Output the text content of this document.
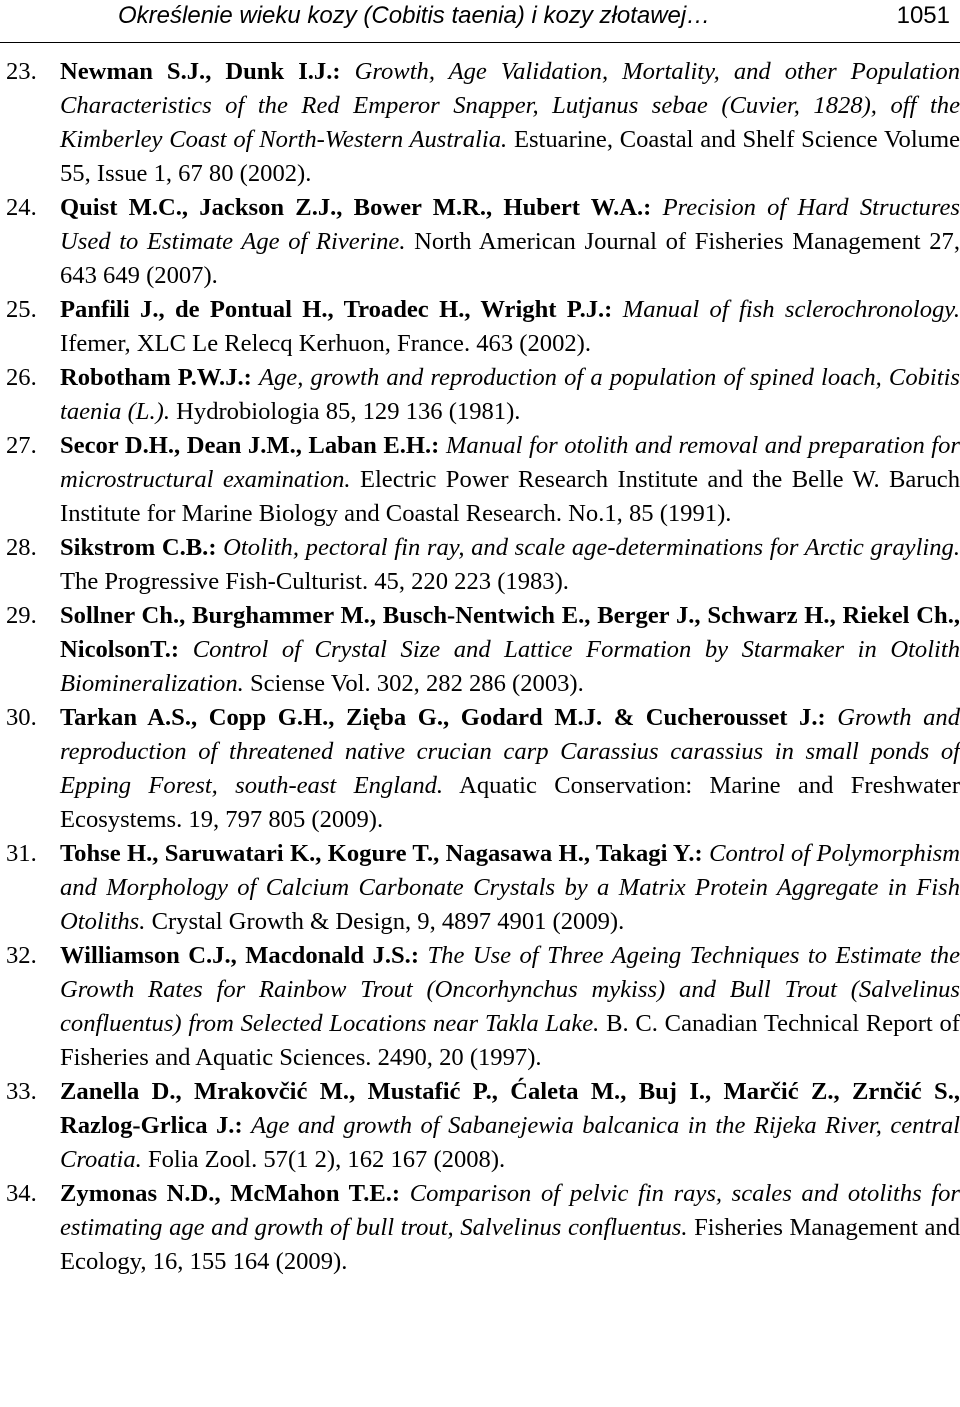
Określenie wieku kozy (Cobitis taenia) i kozy złotawej…	1051
23. Newman S.J., Dunk I.J.: Growth, Age Validation, Mortality, and other Population Characteristics of the Red Emperor Snapper, Lutjanus sebae (Cuvier, 1828), off the Kimberley Coast of North-Western Australia. Estuarine, Coastal and Shelf Science Volume 55, Issue 1, 67 80 (2002).
24. Quist M.C., Jackson Z.J., Bower M.R., Hubert W.A.: Precision of Hard Structures Used to Estimate Age of Riverine. North American Journal of Fisheries Management 27, 643 649 (2007).
25. Panfili J., de Pontual H., Troadec H., Wright P.J.: Manual of fish sclerochronology. Ifemer, XLC Le Relecq Kerhuon, France. 463 (2002).
26. Robotham P.W.J.: Age, growth and reproduction of a population of spined loach, Cobitis taenia (L.). Hydrobiologia 85, 129 136 (1981).
27. Secor D.H., Dean J.M., Laban E.H.: Manual for otolith and removal and preparation for microstructural examination. Electric Power Research Institute and the Belle W. Baruch Institute for Marine Biology and Coastal Research. No.1, 85 (1991).
28. Sikstrom C.B.: Otolith, pectoral fin ray, and scale age-determinations for Arctic grayling. The Progressive Fish-Culturist. 45, 220 223 (1983).
29. Sollner Ch., Burghammer M., Busch-Nentwich E., Berger J., Schwarz H., Riekel Ch., NicolsonT.: Control of Crystal Size and Lattice Formation by Starmaker in Otolith Biomineralization. Sciense Vol. 302, 282 286 (2003).
30. Tarkan A.S., Copp G.H., Zięba G., Godard M.J. & Cucherousset J.: Growth and reproduction of threatened native crucian carp Carassius carassius in small ponds of Epping Forest, south-east England. Aquatic Conservation: Marine and Freshwater Ecosystems. 19, 797 805 (2009).
31. Tohse H., Saruwatari K., Kogure T., Nagasawa H., Takagi Y.: Control of Polymorphism and Morphology of Calcium Carbonate Crystals by a Matrix Protein Aggregate in Fish Otoliths. Crystal Growth & Design, 9, 4897 4901 (2009).
32. Williamson C.J., Macdonald J.S.: The Use of Three Ageing Techniques to Estimate the Growth Rates for Rainbow Trout (Oncorhynchus mykiss) and Bull Trout (Salvelinus confluentus) from Selected Locations near Takla Lake. B. C. Canadian Technical Report of Fisheries and Aquatic Sciences. 2490, 20 (1997).
33. Zanella D., Mrakovčić M., Mustafić P., Ćaleta M., Buj I., Marčić Z., Zrnčić S., Razlog-Grlica J.: Age and growth of Sabanejewia balcanica in the Rijeka River, central Croatia. Folia Zool. 57(1 2), 162 167 (2008).
34. Zymonas N.D., McMahon T.E.: Comparison of pelvic fin rays, scales and otoliths for estimating age and growth of bull trout, Salvelinus confluentus. Fisheries Management and Ecology, 16, 155 164 (2009).
